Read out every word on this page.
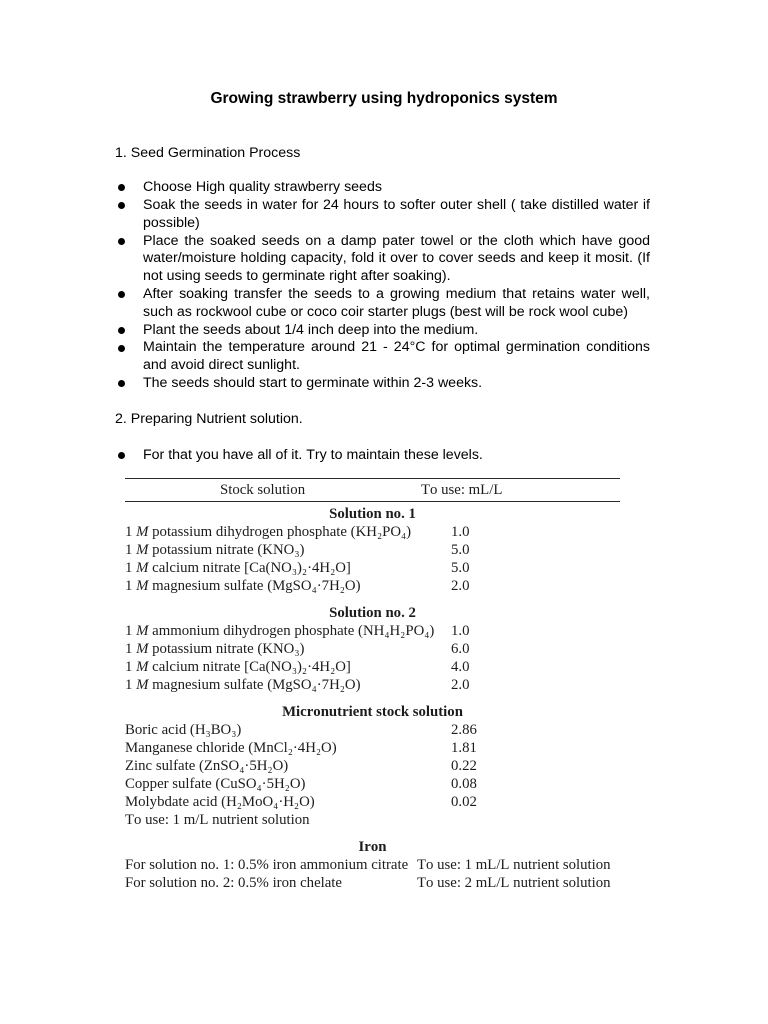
Growing strawberry using hydroponics system
1. Seed Germination Process
Choose High quality strawberry seeds
Soak the seeds in water for 24 hours to softer outer shell ( take distilled water if possible)
Place the soaked seeds on a damp pater towel or the cloth which have good water/moisture holding capacity, fold it over to cover seeds and keep it mosit. (If not using seeds to germinate right after soaking).
After soaking transfer the seeds to a growing medium that retains water well, such as rockwool cube or coco coir starter plugs (best will be rock wool cube)
Plant the seeds about 1/4 inch deep into the medium.
Maintain the temperature around 21 - 24°C for optimal germination conditions and avoid direct sunlight.
The seeds should start to germinate within 2-3 weeks.
2. Preparing Nutrient solution.
For that you have all of it. Try to maintain these levels.
Stock solution	To use: mL/L
Solution no. 1
1 M potassium dihydrogen phosphate (KH₂PO₄)	1.0
1 M potassium nitrate (KNO₃)	5.0
1 M calcium nitrate [Ca(NO₃)₂·4H₂O]	5.0
1 M magnesium sulfate (MgSO₄·7H₂O)	2.0
Solution no. 2
1 M ammonium dihydrogen phosphate (NH₄H₂PO₄) 1.0
1 M potassium nitrate (KNO₃)	6.0
1 M calcium nitrate [Ca(NO₃)₂·4H₂O]	4.0
1 M magnesium sulfate (MgSO₄·7H₂O)	2.0
Micronutrient stock solution
Boric acid (H₃BO₃)	2.86
Manganese chloride (MnCl₂·4H₂O)	1.81
Zinc sulfate (ZnSO₄·5H₂O)	0.22
Copper sulfate (CuSO₄·5H₂O)	0.08
Molybdate acid (H₂MoO₄·H₂O)	0.02
To use: 1 m/L nutrient solution
Iron
For solution no. 1: 0.5% iron ammonium citrate To use: 1 mL/L nutrient solution
For solution no. 2: 0.5% iron chelate	To use: 2 mL/L nutrient solution
